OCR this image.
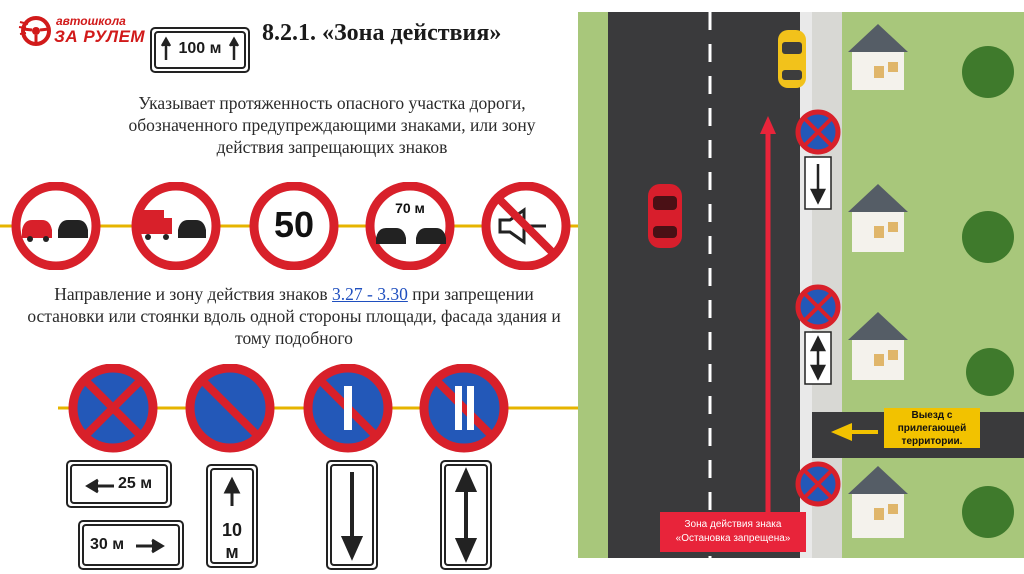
автошкола
ЗА РУЛЕМ
100 м
8.2.1. «Зона действия»
Указывает протяженность опасного участка дороги, обозначенного предупреждающими знаками, или зону действия запрещающих знаков
50	70 м
Направление и зону действия знаков 3.27 - 3.30 при запрещении остановки или стоянки вдоль одной стороны площади, фасада здания и тому подобного
25 м
30 м
10
м
Выезд с прилегающей
территории.
Зона действия знака
«Остановка запрещена»
